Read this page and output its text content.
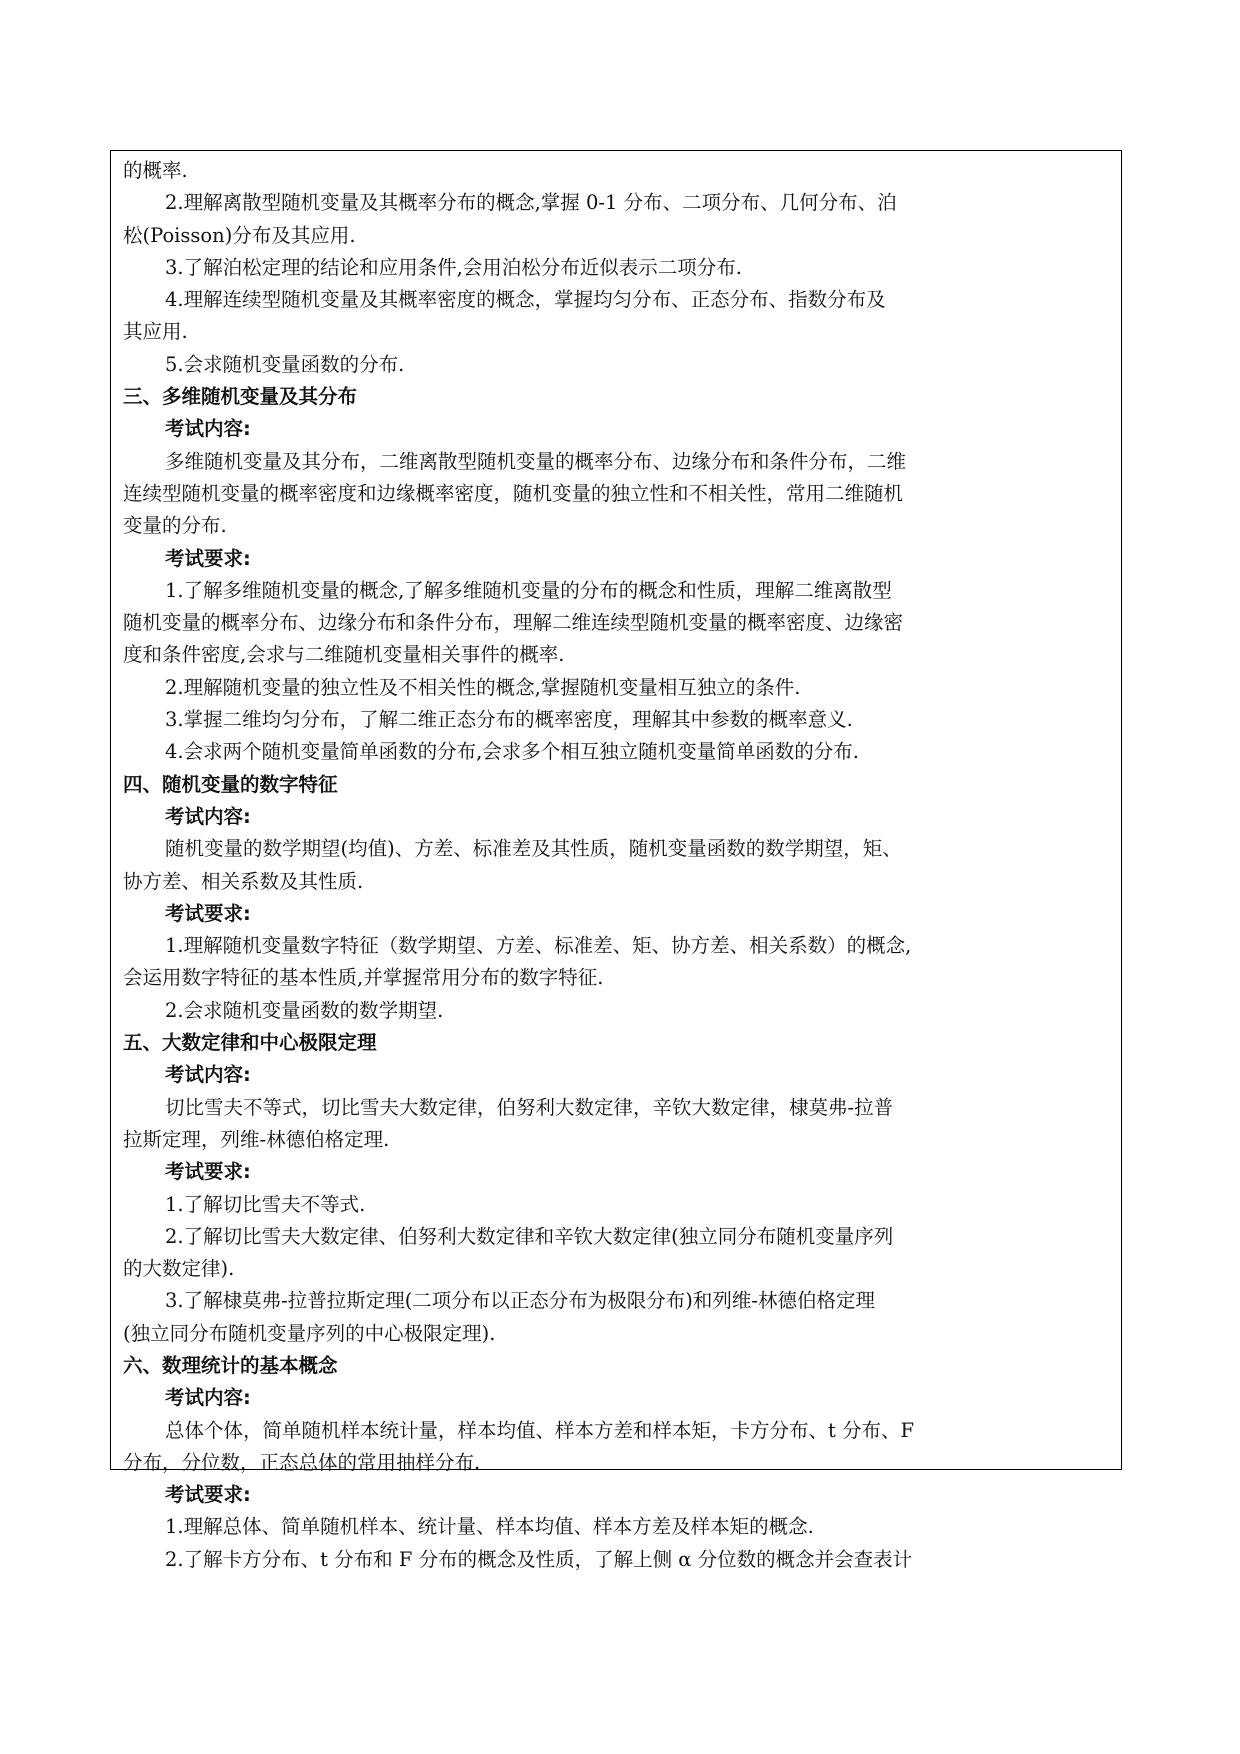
的概率.
2.理解离散型随机变量及其概率分布的概念,掌握 0-1 分布、二项分布、几何分布、泊
松(Poisson)分布及其应用.
3.了解泊松定理的结论和应用条件,会用泊松分布近似表示二项分布.
4.理解连续型随机变量及其概率密度的概念，掌握均匀分布、正态分布、指数分布及
其应用.
5.会求随机变量函数的分布.
三、多维随机变量及其分布
考试内容:
多维随机变量及其分布，二维离散型随机变量的概率分布、边缘分布和条件分布，二维
连续型随机变量的概率密度和边缘概率密度，随机变量的独立性和不相关性，常用二维随机
变量的分布.
考试要求:
1.了解多维随机变量的概念,了解多维随机变量的分布的概念和性质，理解二维离散型
随机变量的概率分布、边缘分布和条件分布，理解二维连续型随机变量的概率密度、边缘密
度和条件密度,会求与二维随机变量相关事件的概率.
2.理解随机变量的独立性及不相关性的概念,掌握随机变量相互独立的条件.
3.掌握二维均匀分布，了解二维正态分布的概率密度，理解其中参数的概率意义.
4.会求两个随机变量简单函数的分布,会求多个相互独立随机变量简单函数的分布.
四、随机变量的数字特征
考试内容:
随机变量的数学期望(均值)、方差、标准差及其性质，随机变量函数的数学期望，矩、
协方差、相关系数及其性质.
考试要求:
1.理解随机变量数字特征（数学期望、方差、标准差、矩、协方差、相关系数）的概念,
会运用数字特征的基本性质,并掌握常用分布的数字特征.
2.会求随机变量函数的数学期望.
五、大数定律和中心极限定理
考试内容:
切比雪夫不等式，切比雪夫大数定律，伯努利大数定律，辛钦大数定律，棣莫弗-拉普
拉斯定理，列维-林德伯格定理.
考试要求:
1.了解切比雪夫不等式.
2.了解切比雪夫大数定律、伯努利大数定律和辛钦大数定律(独立同分布随机变量序列
的大数定律).
3.了解棣莫弗-拉普拉斯定理(二项分布以正态分布为极限分布)和列维-林德伯格定理
(独立同分布随机变量序列的中心极限定理).
六、数理统计的基本概念
考试内容:
总体个体，简单随机样本统计量，样本均值、样本方差和样本矩，卡方分布、t 分布、F
分布，分位数，正态总体的常用抽样分布.
考试要求:
1.理解总体、简单随机样本、统计量、样本均值、样本方差及样本矩的概念.
2.了解卡方分布、t 分布和 F 分布的概念及性质，了解上侧 α 分位数的概念并会查表计
